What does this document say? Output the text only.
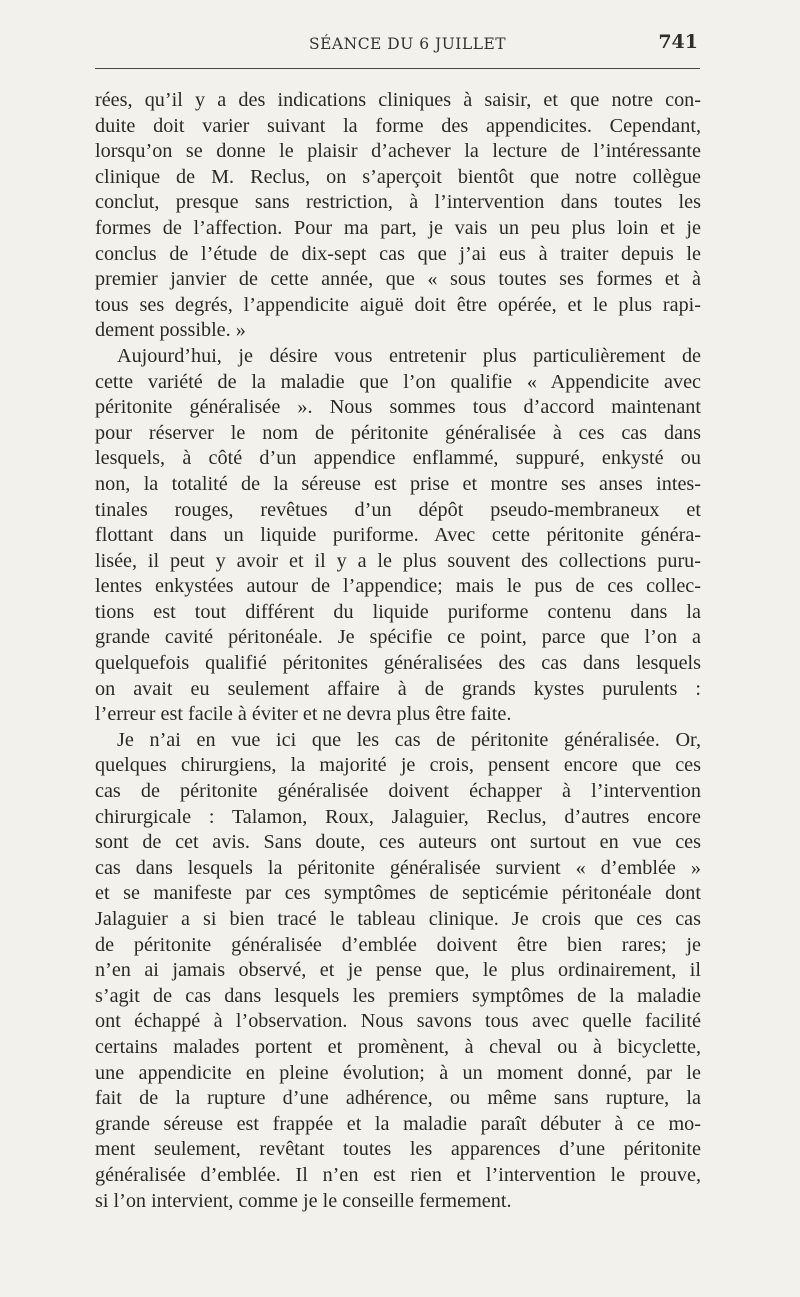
SÉANCE DU 6 JUILLET	741

rées, qu’il y a des indications cliniques à saisir, et que notre con-
duite doit varier suivant la forme des appendicites. Cependant,
lorsqu’on se donne le plaisir d’achever la lecture de l’intéressante
clinique de M. Reclus, on s’aperçoit bientôt que notre collègue
conclut, presque sans restriction, à l’intervention dans toutes les
formes de l’affection. Pour ma part, je vais un peu plus loin et je
conclus de l’étude de dix-sept cas que j’ai eus à traiter depuis le
premier janvier de cette année, que « sous toutes ses formes et à
tous ses degrés, l’appendicite aiguë doit être opérée, et le plus rapi-
dement possible. »

Aujourd’hui, je désire vous entretenir plus particulièrement de
cette variété de la maladie que l’on qualifie « Appendicite avec
péritonite généralisée ». Nous sommes tous d’accord maintenant
pour réserver le nom de péritonite généralisée à ces cas dans
lesquels, à côté d’un appendice enflammé, suppuré, enkysté ou
non, la totalité de la séreuse est prise et montre ses anses intes-
tinales rouges, revêtues d’un dépôt pseudo-membraneux et
flottant dans un liquide puriforme. Avec cette péritonite généra-
lisée, il peut y avoir et il y a le plus souvent des collections puru-
lentes enkystées autour de l’appendice; mais le pus de ces collec-
tions est tout différent du liquide puriforme contenu dans la
grande cavité péritonéale. Je spécifie ce point, parce que l’on a
quelquefois qualifié péritonites généralisées des cas dans lesquels
on avait eu seulement affaire à de grands kystes purulents :
l’erreur est facile à éviter et ne devra plus être faite.

Je n’ai en vue ici que les cas de péritonite généralisée. Or,
quelques chirurgiens, la majorité je crois, pensent encore que ces
cas de péritonite généralisée doivent échapper à l’intervention
chirurgicale : Talamon, Roux, Jalaguier, Reclus, d’autres encore
sont de cet avis. Sans doute, ces auteurs ont surtout en vue ces
cas dans lesquels la péritonite généralisée survient « d’emblée »
et se manifeste par ces symptômes de septicémie péritonéale dont
Jalaguier a si bien tracé le tableau clinique. Je crois que ces cas
de péritonite généralisée d’emblée doivent être bien rares; je
n’en ai jamais observé, et je pense que, le plus ordinairement, il
s’agit de cas dans lesquels les premiers symptômes de la maladie
ont échappé à l’observation. Nous savons tous avec quelle facilité
certains malades portent et promènent, à cheval ou à bicyclette,
une appendicite en pleine évolution; à un moment donné, par le
fait de la rupture d’une adhérence, ou même sans rupture, la
grande séreuse est frappée et la maladie paraît débuter à ce mo-
ment seulement, revêtant toutes les apparences d’une péritonite
généralisée d’emblée. Il n’en est rien et l’intervention le prouve,
si l’on intervient, comme je le conseille fermement.
